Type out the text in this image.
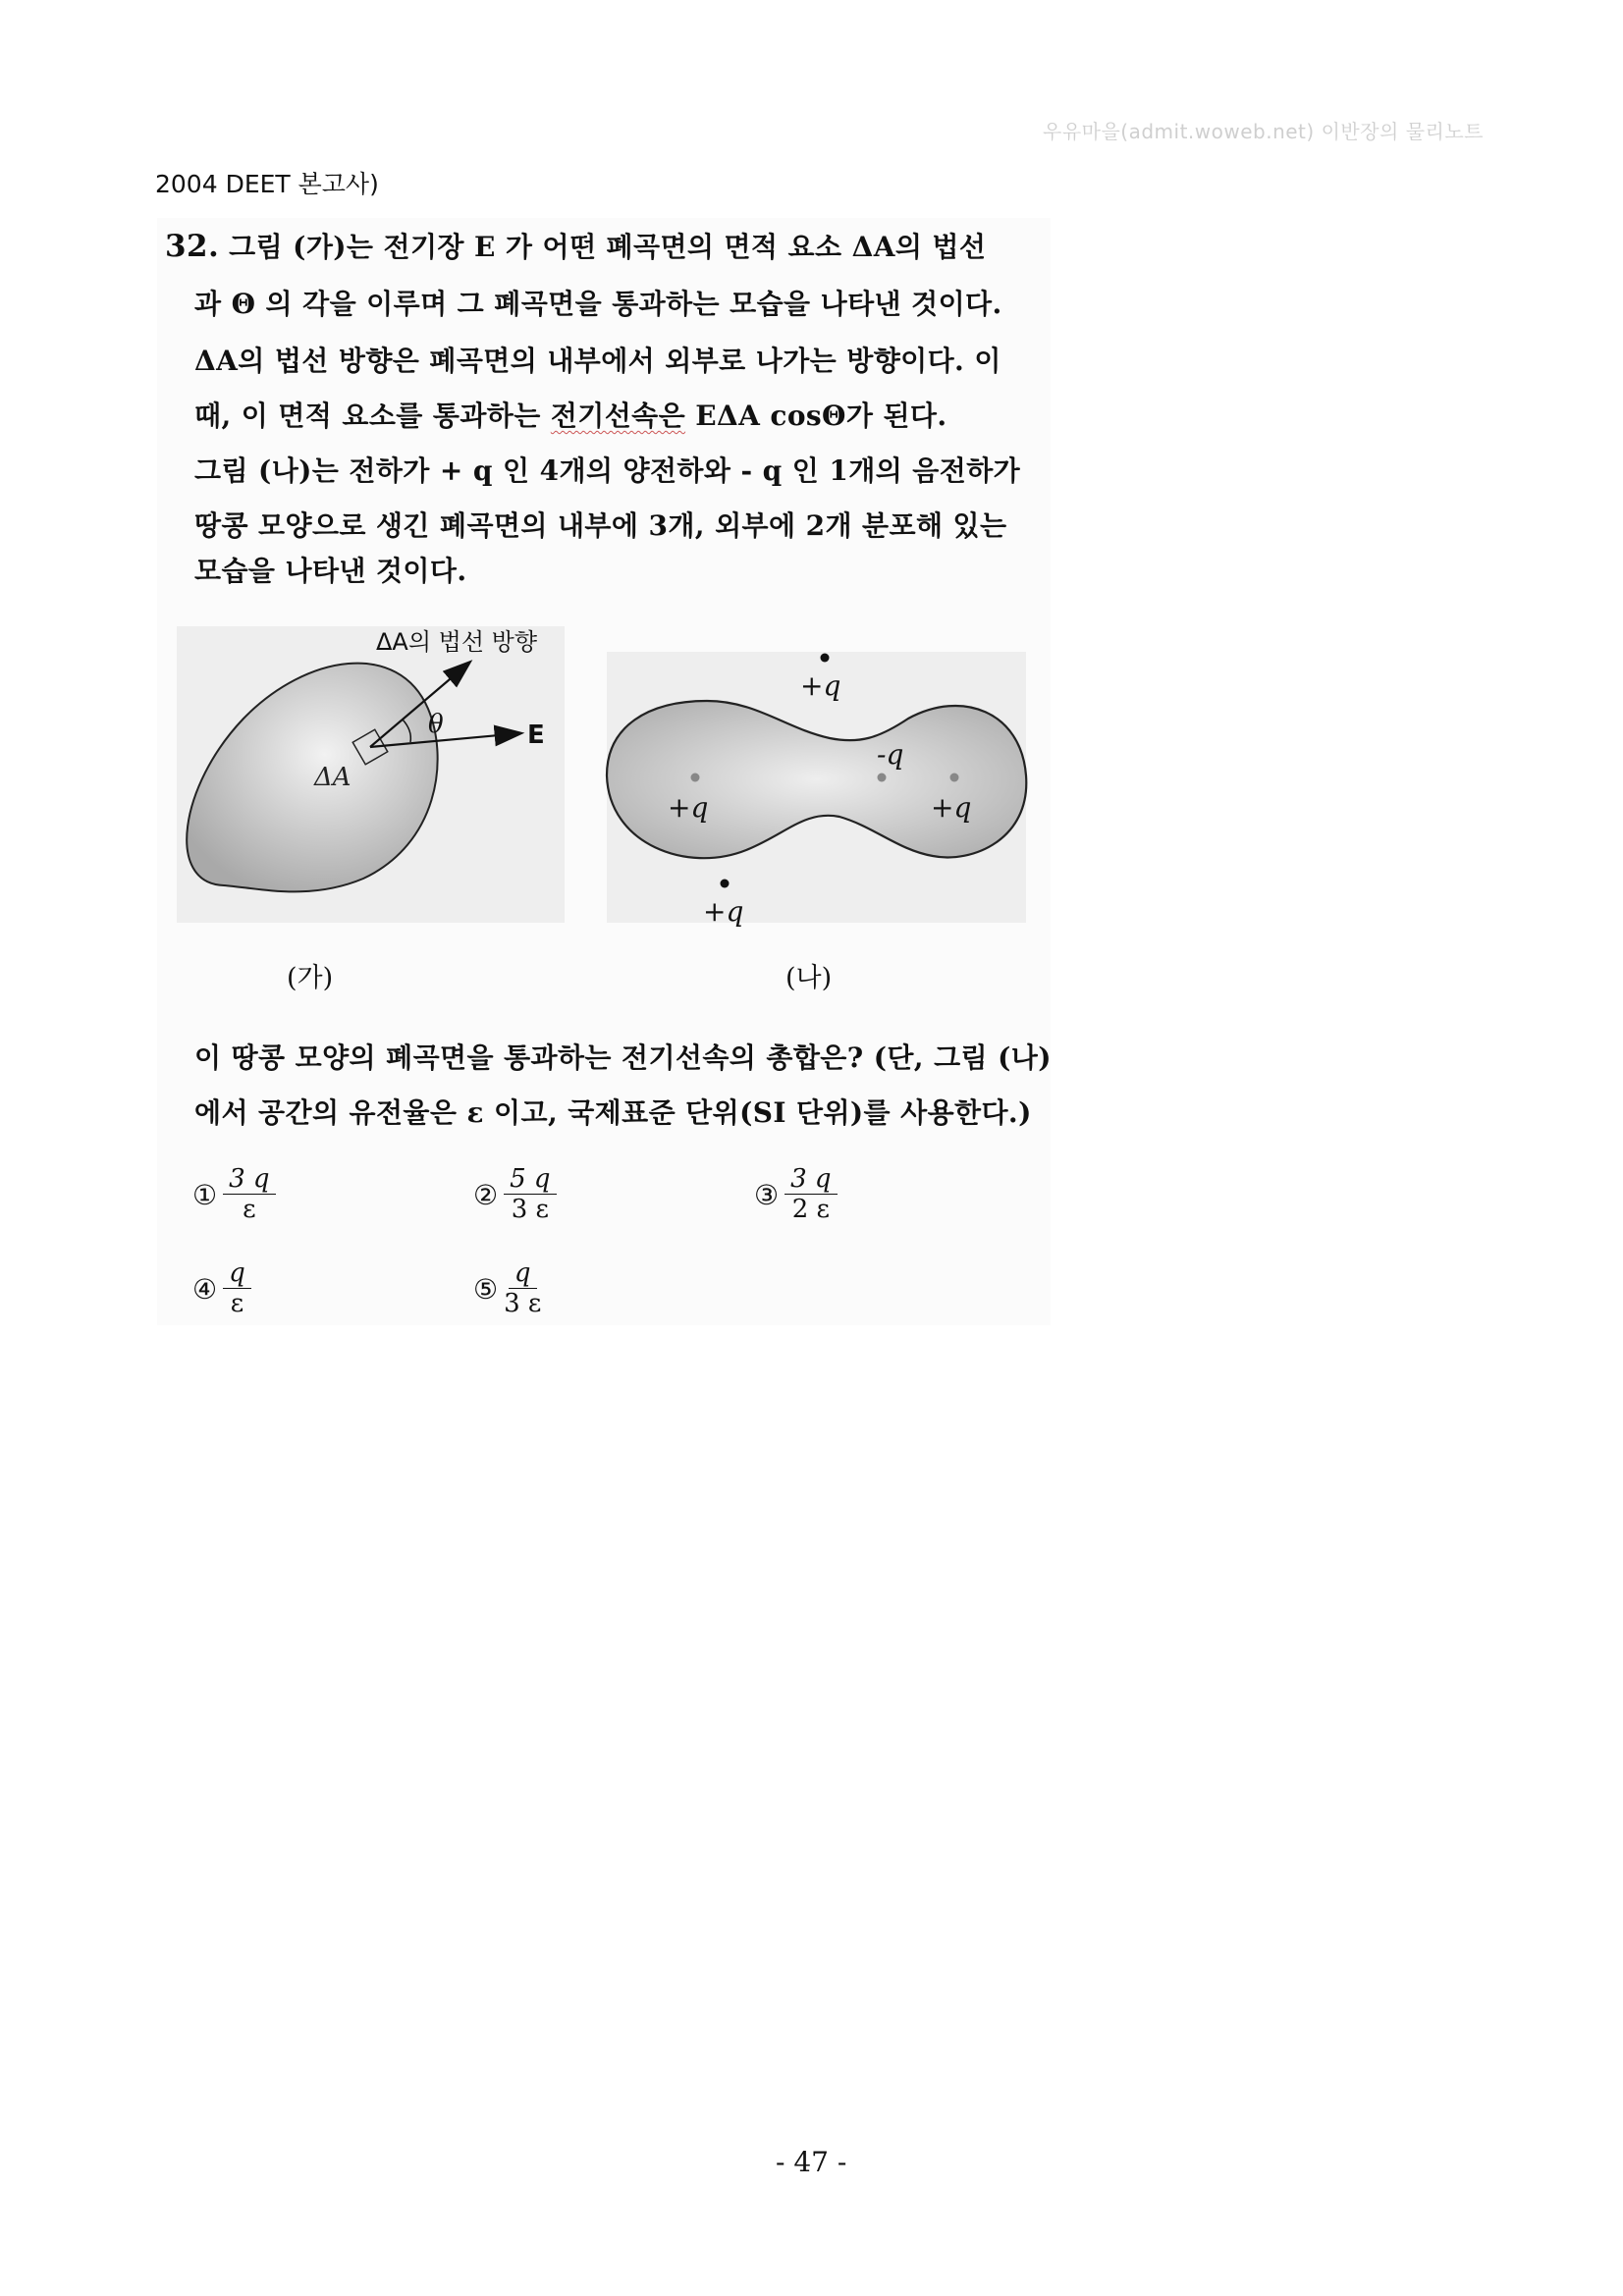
우유마을(admit.woweb.net) 이반장의 물리노트
2004 DEET 본고사)
32. 그림 (가)는 전기장 E 가 어떤 폐곡면의 면적 요소 ΔA의 법선
과 Θ 의 각을 이루며 그 폐곡면을 통과하는 모습을 나타낸 것이다.
ΔA의 법선 방향은 폐곡면의 내부에서 외부로 나가는 방향이다. 이
때, 이 면적 요소를 통과하는 전기선속은 EΔA cosΘ가 된다.
그림 (나)는 전하가 + q 인 4개의 양전하와 - q 인 1개의 음전하가
땅콩 모양으로 생긴 폐곡면의 내부에 3개, 외부에 2개 분포해 있는
모습을 나타낸 것이다.
ΔA의 법선 방향
θ	E
ΔA
+q
+q	+q
-q
+q
(가)	(나)
이 땅콩 모양의 폐곡면을 통과하는 전기선속의 총합은? (단, 그림 (나)
에서 공간의 유전율은 ε 이고, 국제표준 단위(SI 단위)를 사용한다.)
① $\frac{3 q}{\varepsilon}$	② $\frac{5 q}{3 \varepsilon}$	③ $\frac{3 q}{2 \varepsilon}$
④ $\frac{q}{\varepsilon}$	⑤ $\frac{q}{3 \varepsilon}$
- 47 -
